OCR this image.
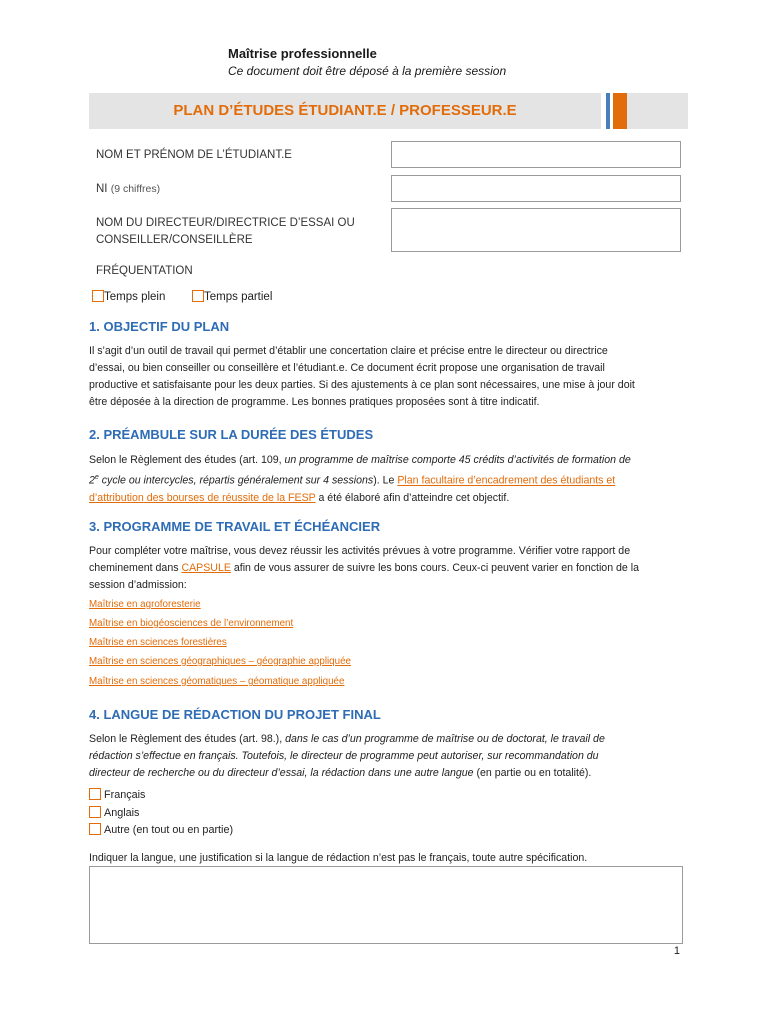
Maîtrise professionnelle
Ce document doit être déposé à la première session
PLAN D’ÉTUDES ÉTUDIANT.E / PROFESSEUR.E
NOM ET PRÉNOM DE L’ÉTUDIANT.E
NI (9 chiffres)
NOM DU DIRECTEUR/DIRECTRICE D’ESSAI OU
CONSEILLER/CONSEILLÈRE
FRÉQUENTATION
Temps plein	Temps partiel
1. OBJECTIF DU PLAN
Il s’agit d’un outil de travail qui permet d’établir une concertation claire et précise entre le directeur ou directrice
d’essai, ou bien conseiller ou conseillère et l’étudiant.e. Ce document écrit propose une organisation de travail
productive et satisfaisante pour les deux parties. Si des ajustements à ce plan sont nécessaires, une mise à jour doit
être déposée à la direction de programme. Les bonnes pratiques proposées sont à titre indicatif.
2. PRÉAMBULE SUR LA DURÉE DES ÉTUDES
Selon le Règlement des études (art. 109, un programme de maîtrise comporte 45 crédits d’activités de formation de
2e cycle ou intercycles, répartis généralement sur 4 sessions). Le Plan facultaire d’encadrement des étudiants et
d’attribution des bourses de réussite de la FESP a été élaboré afin d’atteindre cet objectif.
3. PROGRAMME DE TRAVAIL ET ÉCHÉANCIER
Pour compléter votre maîtrise, vous devez réussir les activités prévues à votre programme. Vérifier votre rapport de
cheminement dans CAPSULE afin de vous assurer de suivre les bons cours. Ceux-ci peuvent varier en fonction de la
session d’admission:
Maîtrise en agroforesterie
Maîtrise en biogéosciences de l’environnement
Maîtrise en sciences forestières
Maîtrise en sciences géographiques – géographie appliquée
Maîtrise en sciences géomatiques – géomatique appliquée
4. LANGUE DE RÉDACTION DU PROJET FINAL
Selon le Règlement des études (art. 98.), dans le cas d’un programme de maîtrise ou de doctorat, le travail de
rédaction s’effectue en français. Toutefois, le directeur de programme peut autoriser, sur recommandation du
directeur de recherche ou du directeur d’essai, la rédaction dans une autre langue (en partie ou en totalité).
Français
Anglais
Autre (en tout ou en partie)
Indiquer la langue, une justification si la langue de rédaction n’est pas le français, toute autre spécification.
1
